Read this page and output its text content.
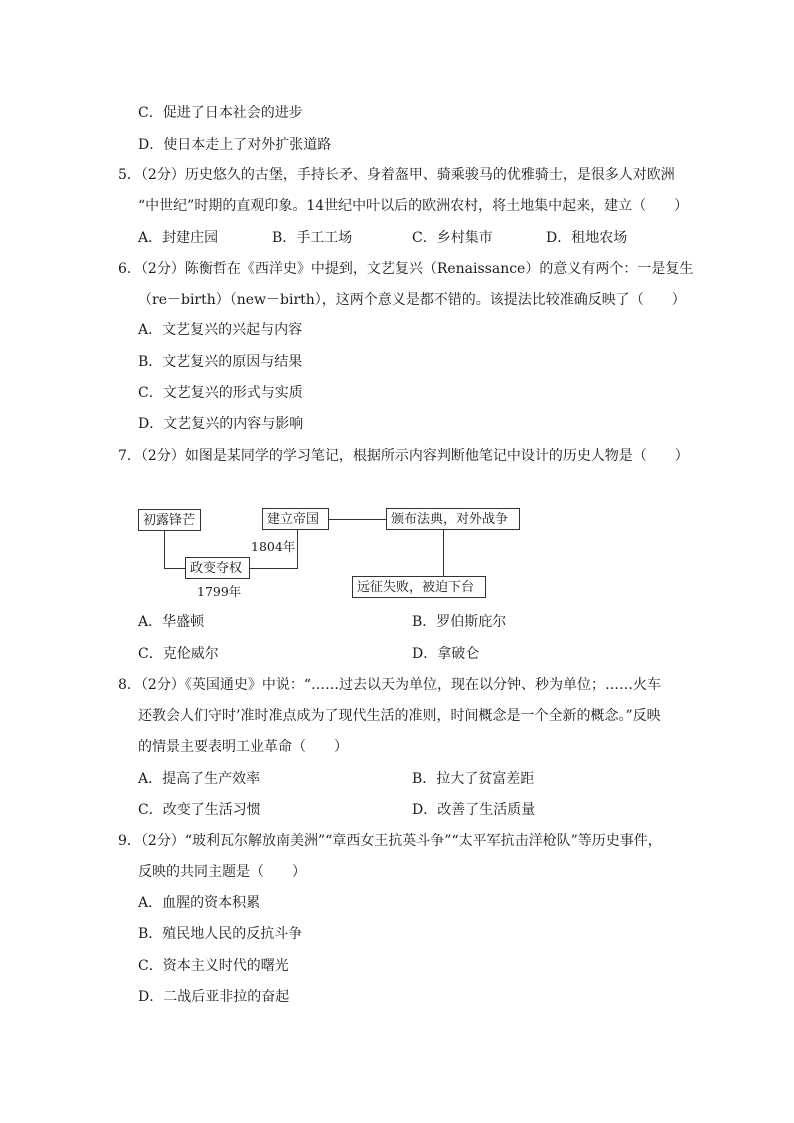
C．促进了日本社会的进步
D．使日本走上了对外扩张道路
5．（2分）历史悠久的古堡，手持长矛、身着盔甲、骑乘骏马的优雅骑士，是很多人对欧洲
“中世纪”时期的直观印象。14世纪中叶以后的欧洲农村，将土地集中起来，建立（　　）
A．封建庄园	B．手工工场	C．乡村集市	D．租地农场
6．（2分）陈衡哲在《西洋史》中提到，文艺复兴（Renaissance）的意义有两个：一是复生
（re－birth）（new－birth），这两个意义是都不错的。该提法比较准确反映了（　　）
A．文艺复兴的兴起与内容
B．文艺复兴的原因与结果
C．文艺复兴的形式与实质
D．文艺复兴的内容与影响
7．（2分）如图是某同学的学习笔记，根据所示内容判断他笔记中设计的历史人物是（　　）
初露锋芒
政变夺权
建立帝国	颁布法典，对外战争
远征失败，被迫下台
1799年
1804年
A．华盛顿	B．罗伯斯庇尔
C．克伦威尔	D．拿破仑
8．（2分）《英国通史》中说：“……过去以天为单位，现在以分钟、秒为单位；……火车
还教会人们守时’准时准点成为了现代生活的准则，时间概念是一个全新的概念。”反映
的情景主要表明工业革命（　　）
A．提高了生产效率	B．拉大了贫富差距
C．改变了生活习惯	D．改善了生活质量
9．（2分）“玻利瓦尔解放南美洲”“章西女王抗英斗争”“太平军抗击洋枪队”等历史事件，
反映的共同主题是（　　）
A．血腥的资本积累
B．殖民地人民的反抗斗争
C．资本主义时代的曙光
D．二战后亚非拉的奋起
